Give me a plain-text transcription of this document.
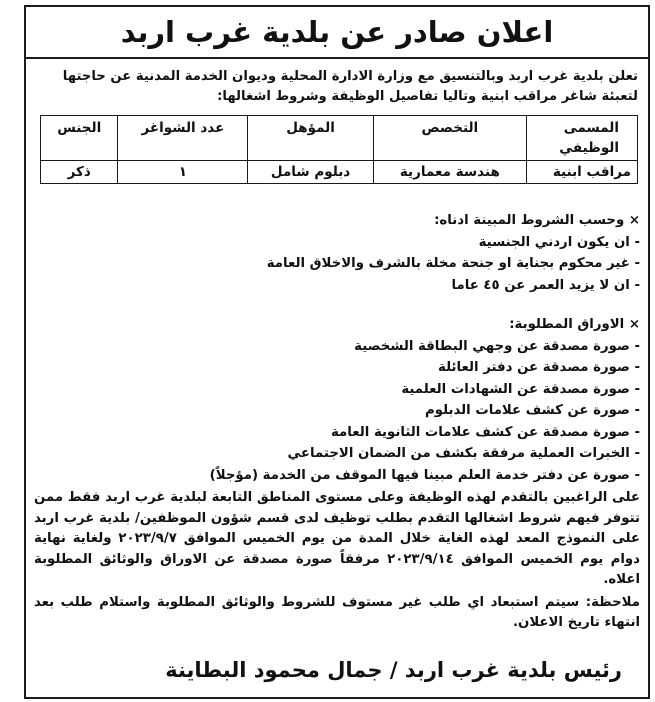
اعلان صادر عن بلدية غرب اربد
تعلن بلدية غرب اربد وبالتنسيق مع وزارة الادارة المحلية وديوان الخدمة المدنية عن حاجتها لتعبئة شاغر مراقب ابنية وتاليا تفاصيل الوظيفة وشروط اشغالها:
المسمى الوظيفي	التخصص	المؤهل	عدد الشواغر	الجنس
مراقب ابنية	هندسة معمارية	دبلوم شامل	١	ذكر
× وحسب الشروط المبينة ادناه:
- ان يكون اردني الجنسية
- غير محكوم بجناية او جنحة مخلة بالشرف والاخلاق العامة
- ان لا يزيد العمر عن ٤٥ عاما
× الاوراق المطلوبة:
- صورة مصدقة عن وجهي البطاقة الشخصية
- صورة مصدقة عن دفتر العائلة
- صورة مصدقة عن الشهادات العلمية
- صورة عن كشف علامات الدبلوم
- صورة مصدقة عن كشف علامات الثانوية العامة
- الخبرات العملية مرفقة بكشف من الضمان الاجتماعي
- صورة عن دفتر خدمة العلم مبينا فيها الموقف من الخدمة (مؤجلاً)
على الراغبين بالتقدم لهذه الوظيفة وعلى مستوى المناطق التابعة لبلدية غرب اربد فقط ممن تتوفر فيهم شروط اشغالها التقدم بطلب توظيف لدى قسم شؤون الموظفين/ بلدية غرب اربد على النموذج المعد لهذه الغاية خلال المدة من يوم الخميس الموافق ٢٠٢٣/٩/٧ ولغاية نهاية دوام يوم الخميس الموافق ٢٠٢٣/٩/١٤ مرفقاً صورة مصدقة عن الاوراق والوثائق المطلوبة اعلاه.
ملاحظة: سيتم استبعاد اي طلب غير مستوف للشروط والوثائق المطلوبة واستلام طلب بعد انتهاء تاريخ الاعلان.
رئيس بلدية غرب اربد / جمال محمود البطاينة
